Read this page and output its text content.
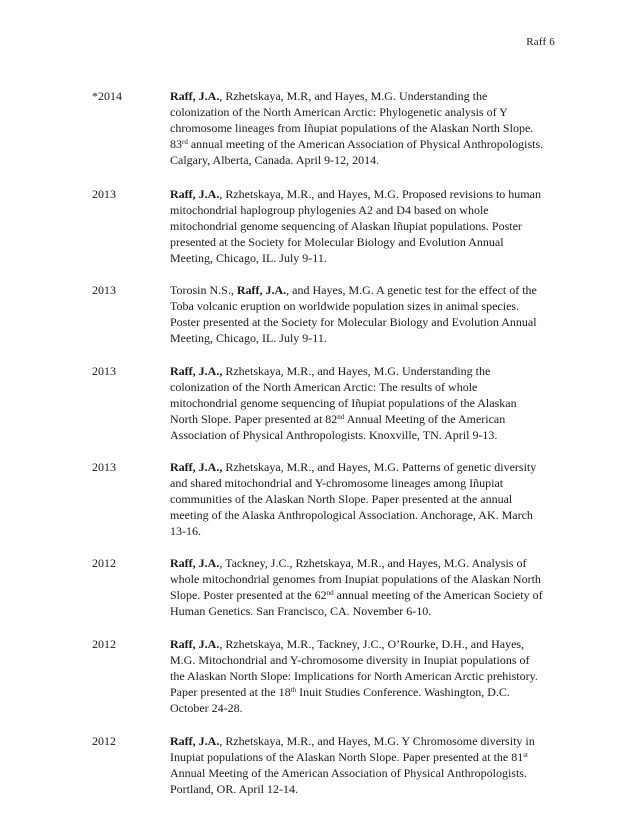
Raff 6
*2014	Raff, J.A., Rzhetskaya, M.R, and Hayes, M.G. Understanding the colonization of the North American Arctic: Phylogenetic analysis of Y chromosome lineages from Iñupiat populations of the Alaskan North Slope. 83rd annual meeting of the American Association of Physical Anthropologists. Calgary, Alberta, Canada. April 9-12, 2014.
2013	Raff, J.A., Rzhetskaya, M.R., and Hayes, M.G. Proposed revisions to human mitochondrial haplogroup phylogenies A2 and D4 based on whole mitochondrial genome sequencing of Alaskan Iñupiat populations. Poster presented at the Society for Molecular Biology and Evolution Annual Meeting, Chicago, IL. July 9-11.
2013	Torosin N.S., Raff, J.A., and Hayes, M.G. A genetic test for the effect of the Toba volcanic eruption on worldwide population sizes in animal species. Poster presented at the Society for Molecular Biology and Evolution Annual Meeting, Chicago, IL. July 9-11.
2013	Raff, J.A., Rzhetskaya, M.R., and Hayes, M.G. Understanding the colonization of the North American Arctic: The results of whole mitochondrial genome sequencing of Iñupiat populations of the Alaskan North Slope. Paper presented at 82nd Annual Meeting of the American Association of Physical Anthropologists. Knoxville, TN. April 9-13.
2013	Raff, J.A., Rzhetskaya, M.R., and Hayes, M.G. Patterns of genetic diversity and shared mitochondrial and Y-chromosome lineages among Iñupiat communities of the Alaskan North Slope. Paper presented at the annual meeting of the Alaska Anthropological Association. Anchorage, AK. March 13-16.
2012	Raff, J.A., Tackney, J.C., Rzhetskaya, M.R., and Hayes, M.G. Analysis of whole mitochondrial genomes from Inupiat populations of the Alaskan North Slope. Poster presented at the 62nd annual meeting of the American Society of Human Genetics. San Francisco, CA. November 6-10.
2012	Raff, J.A., Rzhetskaya, M.R., Tackney, J.C., O’Rourke, D.H., and Hayes, M.G. Mitochondrial and Y-chromosome diversity in Inupiat populations of the Alaskan North Slope: Implications for North American Arctic prehistory. Paper presented at the 18th Inuit Studies Conference. Washington, D.C. October 24-28.
2012	Raff, J.A., Rzhetskaya, M.R., and Hayes, M.G. Y Chromosome diversity in Inupiat populations of the Alaskan North Slope. Paper presented at the 81st Annual Meeting of the American Association of Physical Anthropologists. Portland, OR. April 12-14.
